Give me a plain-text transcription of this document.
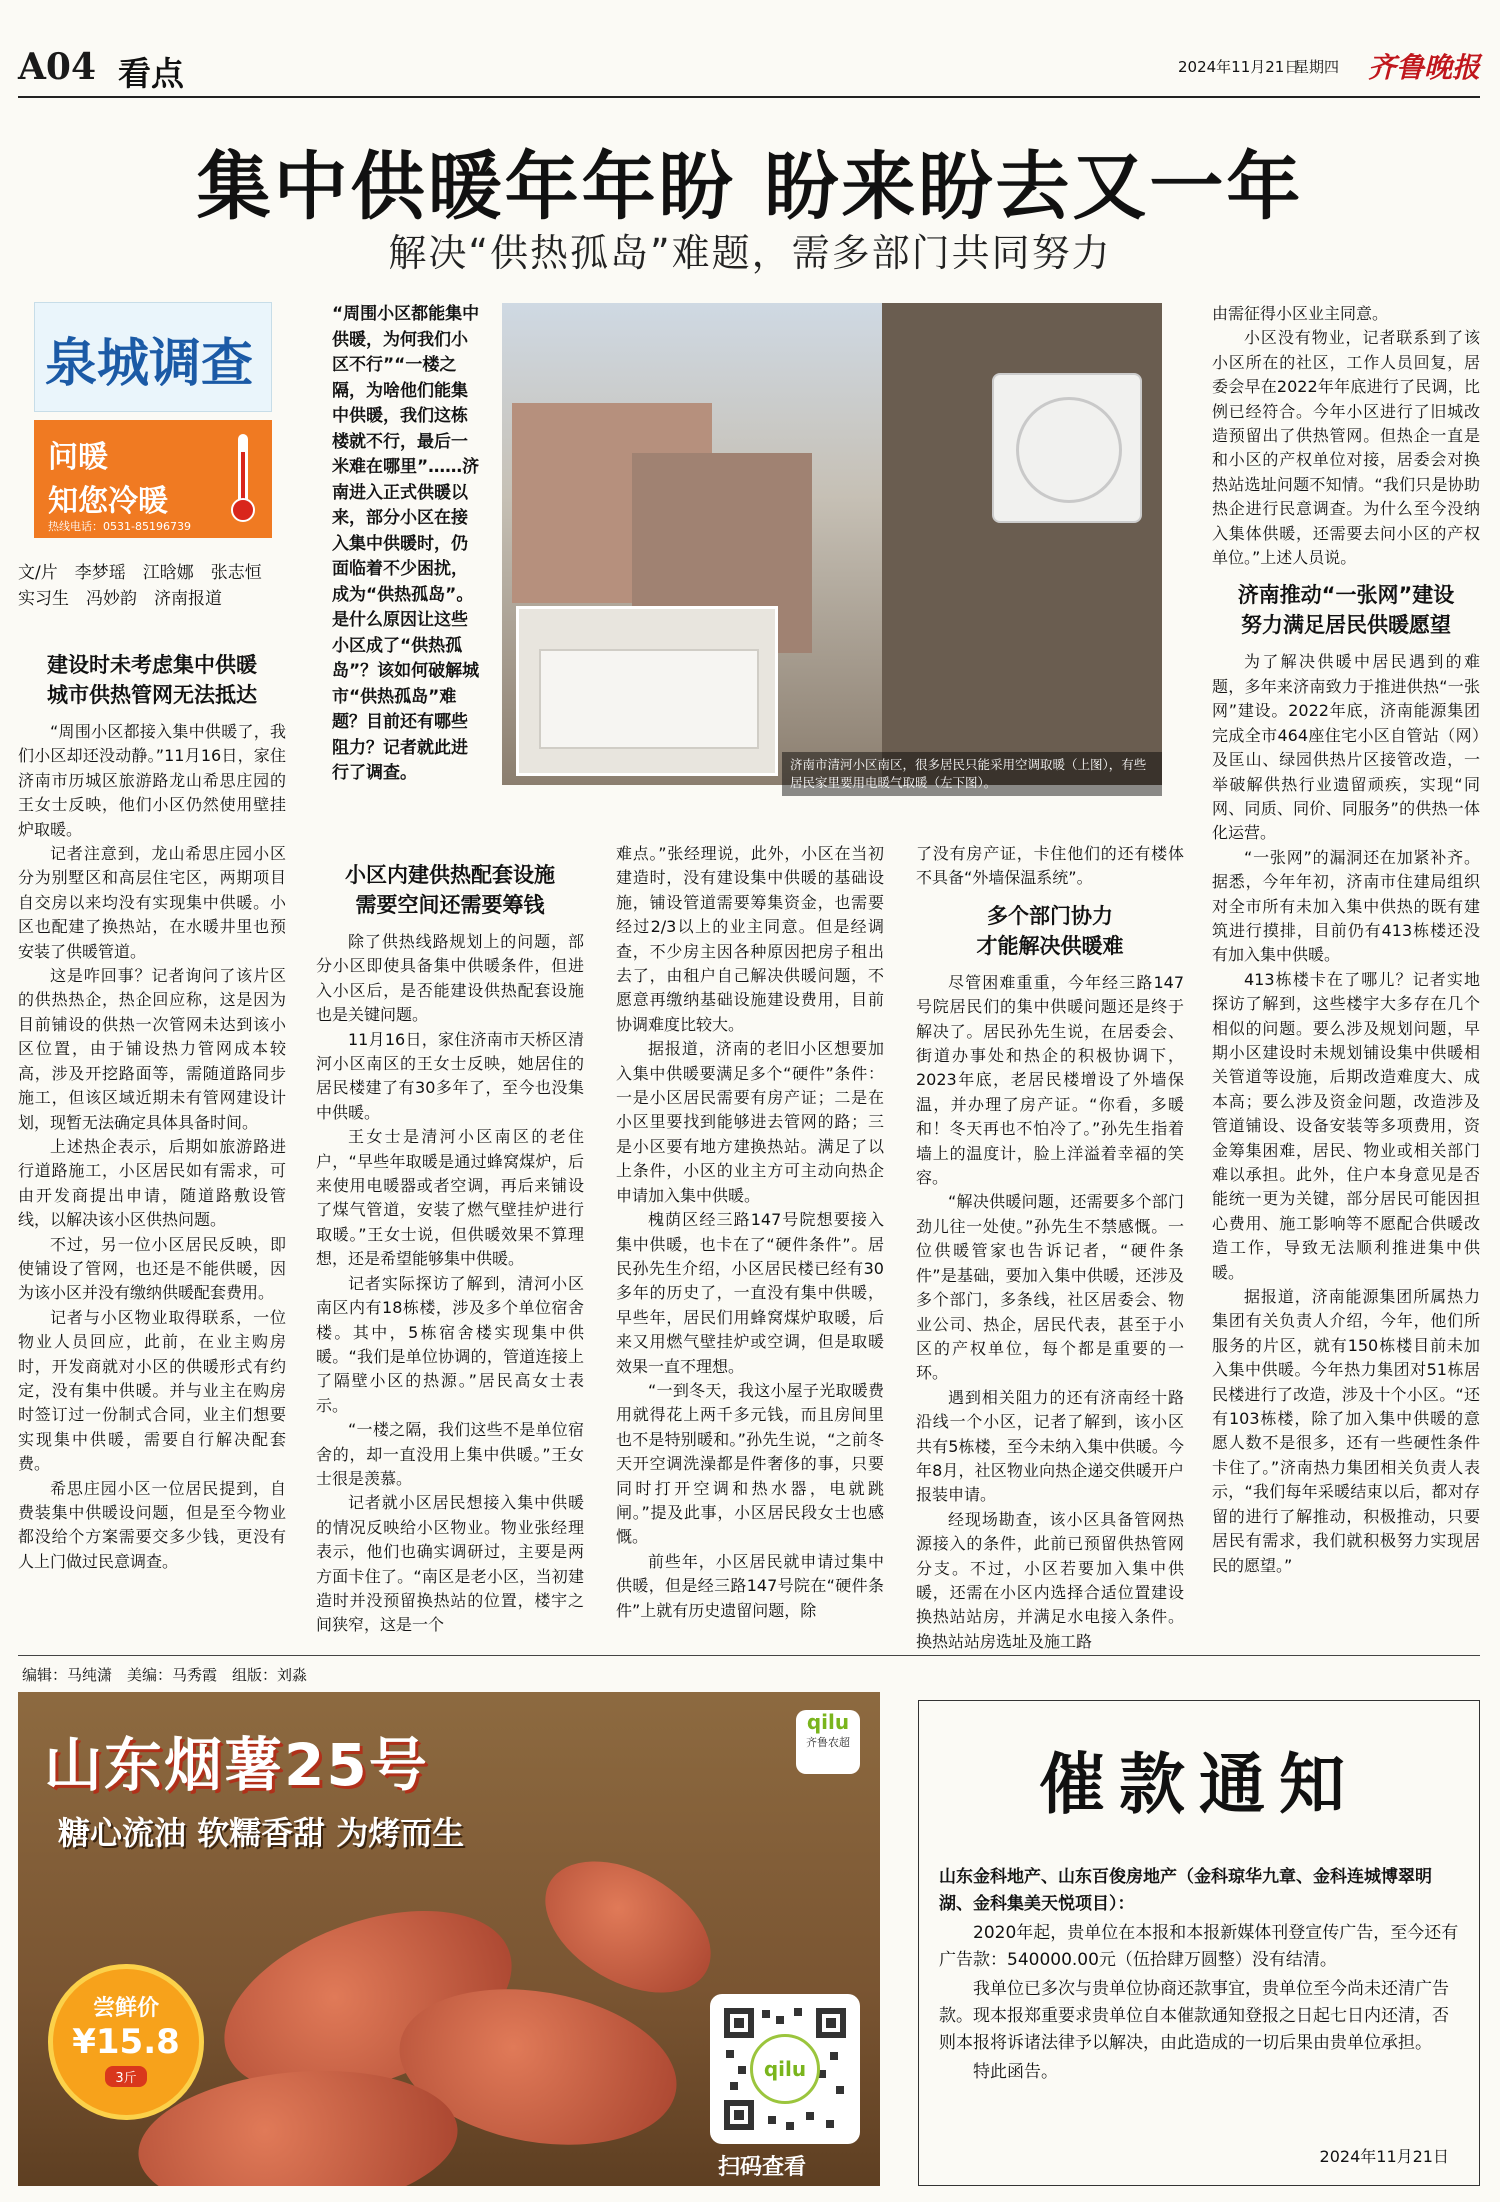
A04 看点	2024年11月21日
星期四 齐鲁晚报
集中供暖年年盼 盼来盼去又一年
解决“供热孤岛”难题，需多部门共同努力
泉城调查
问暖
知您冷暖
热线电话：0531-85196739
文/片　李梦瑶　江晗娜　张志恒
实习生　冯妙韵　济南报道
“周围小区都能集中供暖，为何我们小区不行”“一楼之隔，为啥他们能集中供暖，我们这栋楼就不行，最后一米难在哪里”……济南进入正式供暖以来，部分小区在接入集中供暖时，仍面临着不少困扰，成为“供热孤岛”。是什么原因让这些小区成了“供热孤岛”？该如何破解城市“供热孤岛”难题？目前还有哪些阻力？记者就此进行了调查。	济南市清河小区南区，很多居民只能采用空调取暖（上图），有些居民家里要用电暖气取暖（左下图）。
建设时未考虑集中供暖
城市供热管网无法抵达

“周围小区都接入集中供暖了，我们小区却还没动静。”11月16日，家住济南市历城区旅游路龙山希思庄园的王女士反映，他们小区仍然使用壁挂炉取暖。

记者注意到，龙山希思庄园小区分为别墅区和高层住宅区，两期项目自交房以来均没有实现集中供暖。小区也配建了换热站，在水暖井里也预安装了供暖管道。

这是咋回事？记者询问了该片区的供热热企，热企回应称，这是因为目前铺设的供热一次管网未达到该小区位置，由于铺设热力管网成本较高，涉及开挖路面等，需随道路同步施工，但该区域近期未有管网建设计划，现暂无法确定具体具备时间。

上述热企表示，后期如旅游路进行道路施工，小区居民如有需求，可由开发商提出申请，随道路敷设管线，以解决该小区供热问题。

不过，另一位小区居民反映，即使铺设了管网，也还是不能供暖，因为该小区并没有缴纳供暖配套费用。

记者与小区物业取得联系，一位物业人员回应，此前，在业主购房时，开发商就对小区的供暖形式有约定，没有集中供暖。并与业主在购房时签订过一份制式合同，业主们想要实现集中供暖，需要自行解决配套费。

希思庄园小区一位居民提到，自费装集中供暖设问题，但是至今物业都没给个方案需要交多少钱，更没有人上门做过民意调查。

小区内建供热配套设施
需要空间还需要筹钱

除了供热线路规划上的问题，部分小区即使具备集中供暖条件，但进入小区后，是否能建设供热配套设施也是关键问题。

11月16日，家住济南市天桥区清河小区南区的王女士反映，她居住的居民楼建了有30多年了，至今也没集中供暖。

王女士是清河小区南区的老住户，“早些年取暖是通过蜂窝煤炉，后来使用电暖器或者空调，再后来铺设了煤气管道，安装了燃气壁挂炉进行取暖。”王女士说，但供暖效果不算理想，还是希望能够集中供暖。

记者实际探访了解到，清河小区南区内有18栋楼，涉及多个单位宿舍楼。其中，5栋宿舍楼实现集中供暖。“我们是单位协调的，管道连接上了隔壁小区的热源。”居民高女士表示。

“一楼之隔，我们这些不是单位宿舍的，却一直没用上集中供暖。”王女士很是羡慕。

记者就小区居民想接入集中供暖的情况反映给小区物业。物业张经理表示，他们也确实调研过，主要是两方面卡住了。“南区是老小区，当初建造时并没预留换热站的位置，楼宇之间狭窄，这是一个

难点。”张经理说，此外，小区在当初建造时，没有建设集中供暖的基础设施，铺设管道需要筹集资金，也需要经过2/3以上的业主同意。但是经调查，不少房主因各种原因把房子租出去了，由租户自己解决供暖问题，不愿意再缴纳基础设施建设费用，目前协调难度比较大。

据报道，济南的老旧小区想要加入集中供暖要满足多个“硬件”条件：一是小区居民需要有房产证；二是在小区里要找到能够进去管网的路；三是小区要有地方建换热站。满足了以上条件，小区的业主方可主动向热企申请加入集中供暖。

槐荫区经三路147号院想要接入集中供暖，也卡在了“硬件条件”。居民孙先生介绍，小区居民楼已经有30多年的历史了，一直没有集中供暖，早些年，居民们用蜂窝煤炉取暖，后来又用燃气壁挂炉或空调，但是取暖效果一直不理想。

“一到冬天，我这小屋子光取暖费用就得花上两千多元钱，而且房间里也不是特别暖和。”孙先生说，“之前冬天开空调洗澡都是件奢侈的事，只要同时打开空调和热水器，电就跳闸。”提及此事，小区居民段女士也感慨。

前些年，小区居民就申请过集中供暖，但是经三路147号院在“硬件条件”上就有历史遗留问题，除

了没有房产证，卡住他们的还有楼体不具备“外墙保温系统”。

多个部门协力
才能解决供暖难

尽管困难重重，今年经三路147号院居民们的集中供暖问题还是终于解决了。居民孙先生说，在居委会、街道办事处和热企的积极协调下，2023年底，老居民楼增设了外墙保温，并办理了房产证。“你看，多暖和！冬天再也不怕冷了。”孙先生指着墙上的温度计，脸上洋溢着幸福的笑容。

“解决供暖问题，还需要多个部门劲儿往一处使。”孙先生不禁感慨。一位供暖管家也告诉记者，“硬件条件”是基础，要加入集中供暖，还涉及多个部门，多条线，社区居委会、物业公司、热企，居民代表，甚至于小区的产权单位，每个都是重要的一环。

遇到相关阻力的还有济南经十路沿线一个小区，记者了解到，该小区共有5栋楼，至今未纳入集中供暖。今年8月，社区物业向热企递交供暖开户报装申请。

经现场勘查，该小区具备管网热源接入的条件，此前已预留供热管网分支。不过，小区若要加入集中供暖，还需在小区内选择合适位置建设换热站站房，并满足水电接入条件。换热站站房选址及施工路

由需征得小区业主同意。

小区没有物业，记者联系到了该小区所在的社区，工作人员回复，居委会早在2022年年底进行了民调，比例已经符合。今年小区进行了旧城改造预留出了供热管网。但热企一直是和小区的产权单位对接，居委会对换热站选址问题不知情。“我们只是协助热企进行民意调查。为什么至今没纳入集体供暖，还需要去问小区的产权单位。”上述人员说。

济南推动“一张网”建设
努力满足居民供暖愿望

为了解决供暖中居民遇到的难题，多年来济南致力于推进供热“一张网”建设。2022年底，济南能源集团完成全市464座住宅小区自管站（网）及匡山、绿园供热片区接管改造，一举破解供热行业遗留顽疾，实现“同网、同质、同价、同服务”的供热一体化运营。

“一张网”的漏洞还在加紧补齐。据悉，今年年初，济南市住建局组织对全市所有未加入集中供热的既有建筑进行摸排，目前仍有413栋楼还没有加入集中供暖。

413栋楼卡在了哪儿？记者实地探访了解到，这些楼宇大多存在几个相似的问题。要么涉及规划问题，早期小区建设时未规划铺设集中供暖相关管道等设施，后期改造难度大、成本高；要么涉及资金问题，改造涉及管道铺设、设备安装等多项费用，资金筹集困难，居民、物业或相关部门难以承担。此外，住户本身意见是否能统一更为关键，部分居民可能因担心费用、施工影响等不愿配合供暖改造工作，导致无法顺利推进集中供暖。

据报道，济南能源集团所属热力集团有关负责人介绍，今年，他们所服务的片区，就有150栋楼目前未加入集中供暖。今年热力集团对51栋居民楼进行了改造，涉及十个小区。“还有103栋楼，除了加入集中供暖的意愿人数不是很多，还有一些硬性条件卡住了。”济南热力集团相关负责人表示，“我们每年采暖结束以后，都对存留的进行了解推动，积极推动，只要居民有需求，我们就积极努力实现居民的愿望。”

编辑：马纯潇　美编：马秀霞　组版：刘淼
山东烟薯25号
糖心流油 软糯香甜 为烤而生
qilu
齐鲁农超
尝鲜价
¥15.8
3斤	qilu
扫码查看
催款通知
山东金科地产、山东百俊房地产（金科琼华九章、金科连城博翠明湖、金科集美天悦项目）：
2020年起，贵单位在本报和本报新媒体刊登宣传广告，至今还有广告款：540000.00元（伍拾肆万圆整）没有结清。
我单位已多次与贵单位协商还款事宜，贵单位至今尚未还清广告款。现本报郑重要求贵单位自本催款通知登报之日起七日内还清，否则本报将诉诸法律予以解决，由此造成的一切后果由贵单位承担。
特此函告。
2024年11月21日
